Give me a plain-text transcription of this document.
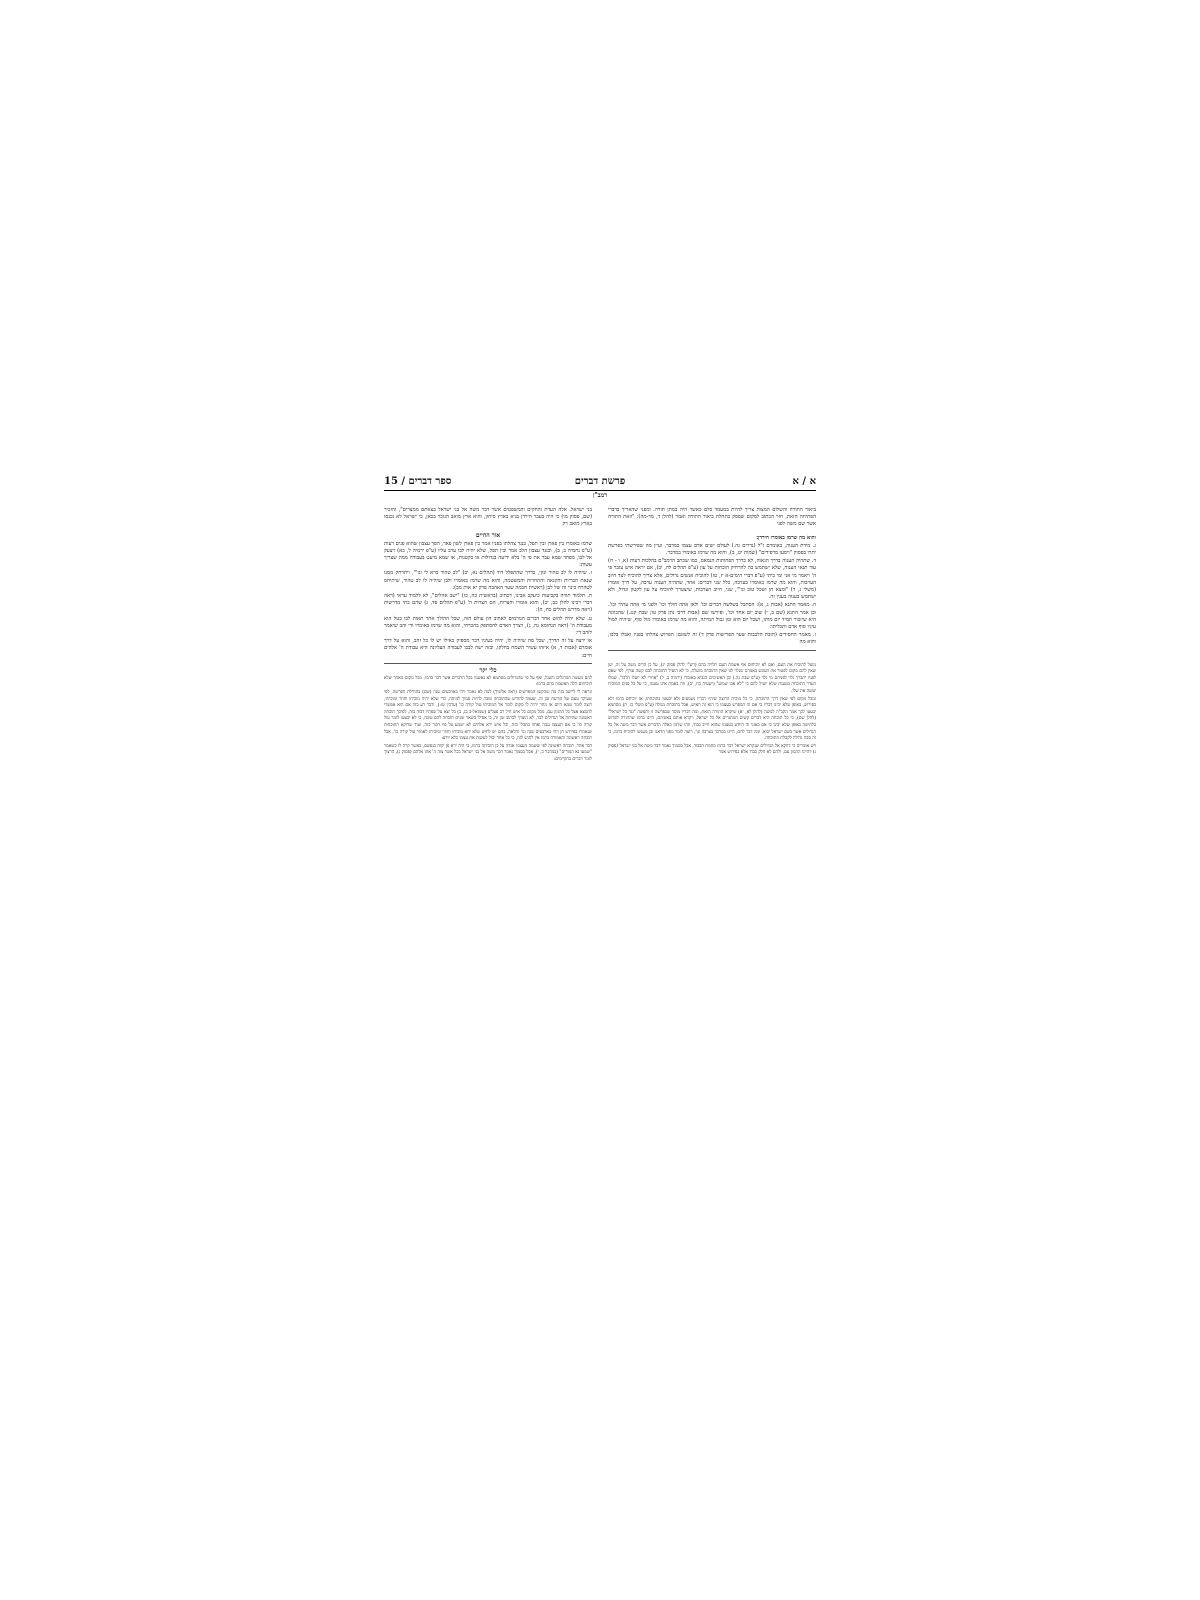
15 / ספר דברים	פרשת דברים	א / א
רמב"ן
ביאור התורה והשלום המצות צריך להיות במעמד כלם כאשר היה במתן תורה. ומפני שהאריך בדברי הפתיחה הזאת, חזר הכתוב למקום שפסק בתחלת ביאור התורה ואמר (להלן ד, מד-מה): "וזאת התורה אשר שם משה לפני
והוא מה שרמז באומרו הירדן:
ג. מידת הענוה, באומרם ז"ל (נדרים נה.) לעולם ישים אדם עצמו כמדבר, ועיין מה שפירשתי בפרשת יתרו בפסוק "ויסעו מרפידים" (שמות יט, ב), והוא מה שרמז באומרו במדבר.
ד. שתהיה הענוה בדרך הגאוה, לא כדרך הפחותות הנמאס, כמו שכתב הרמב"ם בהלכות דעות (א, ו - ח) עוד תנאי הענוה, שלא ישתמש בה להרחיק הוכחות על עון (ע"פ תהלים לח, יב), אם יראה איש עובר פי ה' ויאמר מי אני ומי ביתי (ע"פ דברי הימים-א יז, טז) להוכיח אנשים גדולים, אלא צריך להוכיח לצד חיוב הערבות, והוא מה שרמז באומרו בערבה, כלל שני דברים: אחד, שתהיה הענוה ערבה, על דרך אומרו (משלי ג, ד) "ומצא חן ושכל טוב וגו'", שני, חיוב הערבות, שיצטרך להוכיח על עון לקטון וגדול, ולא ישתמש בענוה בענין זה.
ה. מאמר התנא (אבות ג, א): הסתכל בשלשה דברים וכו' ולאן אתה הולך וכו' ולפני מי אתה עתיד וכו'. וכן אמר התנא (שם ב, י) שוב יום אחד וכו', ופירשו שם (אבות דרבי נתן פרק טו; שבת קנג.) שהכוונה היא שיזכור תמיד יום מותו, ושכל יום הוא זמן גבול המיתה, והוא מה שרמז באומרו מול סוף, שיהיה למול עיניו סוף אדם ותכליתו:
ו. מאמר החסידים (חובת הלבבות שער הפרישות פרק ד) זה לשונם: הפרוש צהלתו בפניו ואבלו בלבו, והוא מה

מועל להוכיח את העם, ואם לא יוכיחום אף אשמת העם תלויה בהם (רש"י להלן פסוק יג), על כן הרים משה על זה, יען שאין להם מקום לפטור את העונש באמרם שגלוי לנו שאין התוכחה מועלת, כי לא הועיל התוכחה לבם קשה עורף, לפי שאם לפניו יתברך גלוי לפניהם מי גלוי (ע"פ שבת נה.) וכן האשימים הגביא באומרו (ירמיה ב, ל) "אחרי לא יועלו הלכו", שמלו העדר התוכחה בטענת שלא יועיל להם כי "לא אבו שמוע" (ישעיה כח, יב), וזה באמת אינו טענה, כי על כל פנים המוכיח יעשה את שלו.
ומכל מקום לפי שאין דרך התוכחה, כי כל מוכיח הרוצה שיהיו דבריו נשמעים ולא יבעטו בתוכחתו, אז יוכיחם ברמז ולא בפירוש, באופן שלא יבינו דבריו כי אם זה המפרש בעצמו כי הוא זה האיש, אבל בתוכחת מגולה (ע"פ משלי כז, ה) מסתמא יבעטו לכך אמר הקב"ה למשה (להלן לא, יא) שיקרא התורה הזאת, ומה דבריו מוסר שבפרשה זו ותפשה "נגד כל ישראל" (להלן שם), כי כל תוכחה היא דברים קשים המתגרים אל כל ישראל, ויקרא אותם באזניהם, היינו ברמז שהתורה לפרוש בלחישה באופן שלא יבינו כי אם באזני זה היודע בעצמו שהוא חייב כבוד, וזהו שרמז באלה הדברים אשר דבר משה אל כל הגדולים אשר בשם ישראל יבוא, ומה דבר להם, היינו במדבר בערבה וגו', רוצה לומר מפני הדאגו וכן מענשו להוכיח ברמז, כי זה סבה גדולה לקבלת התוכחה.
ויש אומרים כי דווקא אל הגדולים שנקרא ישראל דבר ברמז מחמת הכבוד, אבל בסמוך נאמר דבר משה אל בני ישראל (פסוק ג) דהיינו ההמון עם, ולהם לא חלק כבוד אלא בפירוש אמר
בני ישראל. אלה העדת והחקים והמשפטים אשר דבר משה אל בני ישראל בצאתם ממצרים", והזכיר (שם, פסוק מו) כי היה בעבר הירדן בגיא בארץ סיחון, והוא ארץ מואב הנזכר בכאן, כי ישראל לא נכנסו בארץ מואב רק
אור החיים
שרמז באומרו בין פארן ובין תפל, כנגד צהלתו בפניו אמר בין פארן לשון פאר, הפך עצבון שהוא פנים רעות (ע"פ נחמיה ב, ב), וכנגד עצבון הלב אמר ובין תפל, שלא יהיה לבו ערב עליו (ע"פ ירמיה ל, כא) ויצעק אל לבו, מפחד שמא עבר את פי ה' בלא ידיעה בגדולות או בקטנות, או שמא מיעט בעבודה ממה שצריך עשות:
ז. שיהיה לו לב טהור ונקי, כדרך שהתפלל דוד (תהלים נא, יב) "לב טהור ברא לי וגו'", ויתרחק ממנו שנאת הבריות והקנאה והתחרות והמשטמה, והוא מה שרמז באומרו ולבן שיהיה לו לב טהור, שיתיחס לטהרה כינוי זה של לבן (ראשית חכמה שער האהבה פרק יא אות מב):
ח. תלמוד תורה בקביעות כיעקב אבינו, דכתיב (בראשית כה, כז) "ישב אהלים", לא ללמוד עראי (ראה דברי רבינו להלן כב, יב), והוא אומרו וחצרות, הם חצרות ה' (ע"פ תהלים פד, ג) שהם בתי מדרשות (ראה מדרש תהלים כח, ה):
ט. שלא יהיה להוט אחר דברים הגורמים לאהוב הון עולם הזה, שכל ההולך אחר תאות לבו בטל הוא מעבודת ה' (ראה תנחומא נח, ג), ויצרך האדם להסתפק בהכרחי, והוא מה שרמז באומרו ודי זהב שיאמר לזהב די:
או ירצה על זה הדרך, שכל מה שיהיה לו, יהיה בעיניו דבר מספיק כאילו יש לו כל זהב, והוא על דרך אומרם (אבות ד, א) איזהו עשיר השמח בחלקו, ובזה ישה לבבו לעבודה העליונה היא עבודת ה' אלהים חיים:
כלי יקר
להם מעשה המרגלים והעגל, ואף על פי שהגדולים מסתמא לא נאשמו בכל הדברים אשר דבר ברמז, מכל מקום מאחר שלא הוכיחום הלה האשמה בהם ברמז:
ונראה לי ליישב בזה מה שהקשו המפרשים (ראה אלשיך) למה לא נאמר ויהי בארבעים שנה (שם) בתחילת הפרשה, לפי שעיקר טעם של הודעת זמן זה, שעמד להודיע שהתוכחה טובה להיות סמוך למיתה, כדי שלא יהיה מוכיחו וחוזר ומוכיחו, רוצה לומר שמא היום או מחר יהיה לו מקום לומר אל המוכיחו טול קורה כו' (ערכין טז:), ודבר רע כזה אם הוא אפשרי להמצא אצל כל ההמון עם, מכל מקום כל איש חיל רב פעלים (שמואל-ב כג, כ) בל יצא על שפתיו דבור כזה, לפיכך תוכחה ראשונה שהיתה אל הגדולים לבד, לא הוצרך לכתוב זמן זה, כי אפילו בשאר זמנים תוכחה להם טובה, כי לא יבעטו לומר טול קורה כו' כי אם תעצבו ננבה ואחזו בחבלי בזה, וכל איש ירא אלהים לא ישמע על פיו דבור כזה, ועוד שדוקא התוכחות שנאמרו בפירוש הן ויהי בארבעים שנה וגו' והלאה, בהם יש לחוש שלא יהא מוכיחו וחוזר ומוכיחו לאמור טול קורה כו', אבל תוכחה ראשונה והאמורה ברמז אין לחוש לזה, כי כל אחד יכול לעשות את עצמו כלא יודע:
דבר אחר, תוכחה ראשונה לפי ששמה מעצמו אגדה על כן הוכיחה ברמז, כי היה ירא פן יקוה בנפשם, כאשר קרה לו כשאמר "שמעו נא המורים" (במדבר כ, י), אבל בסמוך נאמר דבר משה אל בני ישראל ככל אשר צוה ה' אתו אלהם (פסוק ג), הרצוך לומר דברים בהקיימים:
